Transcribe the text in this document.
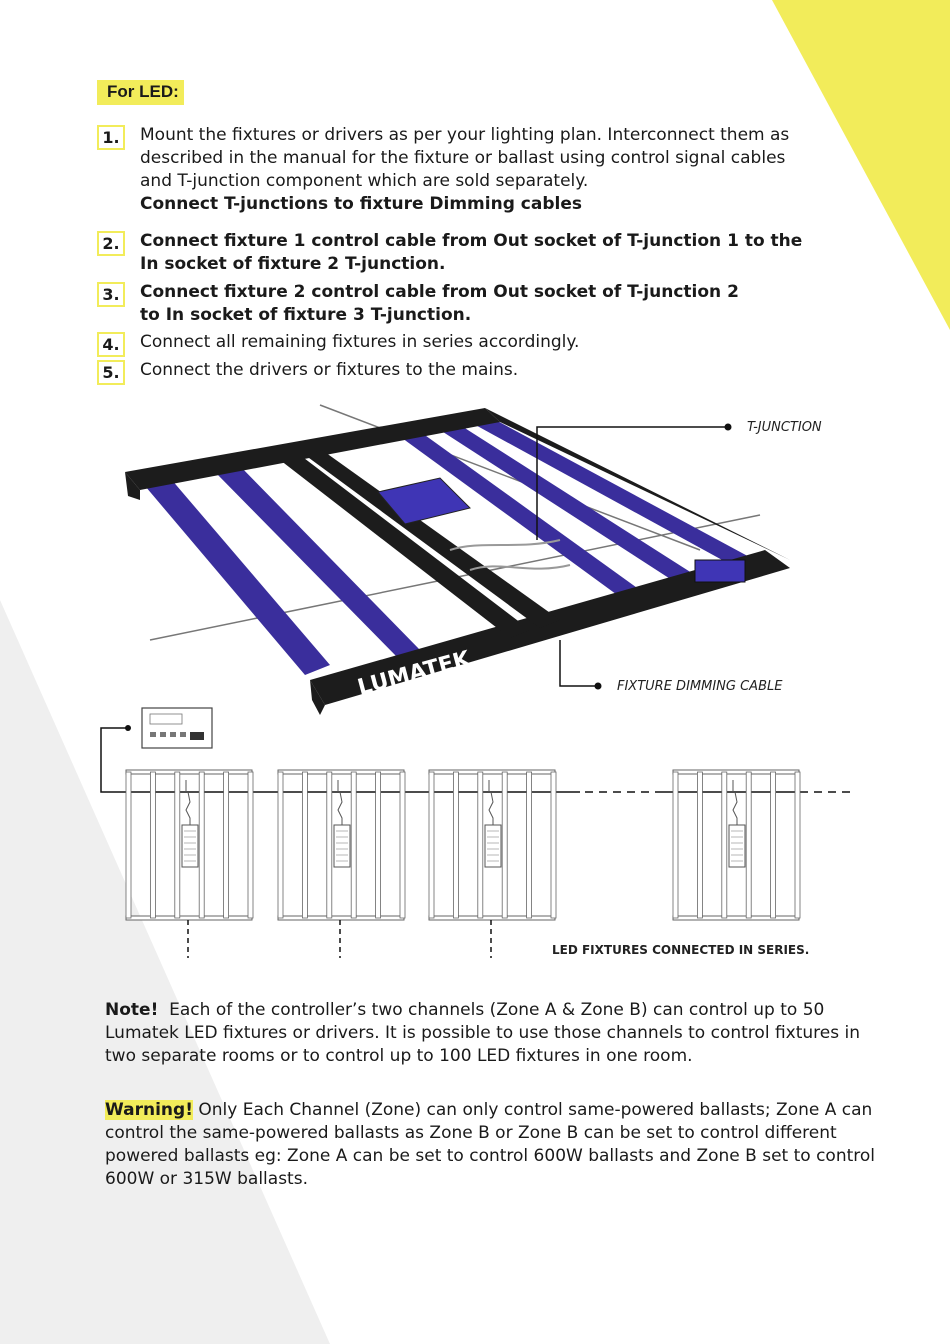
For LED:
1.	Mount the fixtures or drivers as per your lighting plan. Interconnect them as described in the manual for the fixture or ballast using control signal cables and T-junction component which are sold separately.
Connect T-junctions to fixture Dimming cables
2.	Connect fixture 1 control cable from Out socket of T-junction 1 to the In socket of fixture 2 T-junction.
3.	Connect fixture 2 control cable from Out socket of T-junction 2 to In socket of fixture 3 T-junction.
4.	Connect all remaining fixtures in series accordingly.
5.	Connect the drivers or fixtures to the mains.
LUMATEK
T-JUNCTION
FIXTURE DIMMING CABLE
LED FIXTURES CONNECTED IN SERIES.
Note! Each of the controller’s two channels (Zone A & Zone B) can control up to 50 Lumatek LED fixtures or drivers. It is possible to use those channels to control fixtures in two separate rooms or to control up to 100 LED fixtures in one room.
Warning! Only Each Channel (Zone) can only control same-powered ballasts; Zone A can control the same-powered ballasts as Zone B or Zone B can be set to control different powered ballasts eg: Zone A can be set to control 600W ballasts and Zone B set to control 600W or 315W ballasts.
